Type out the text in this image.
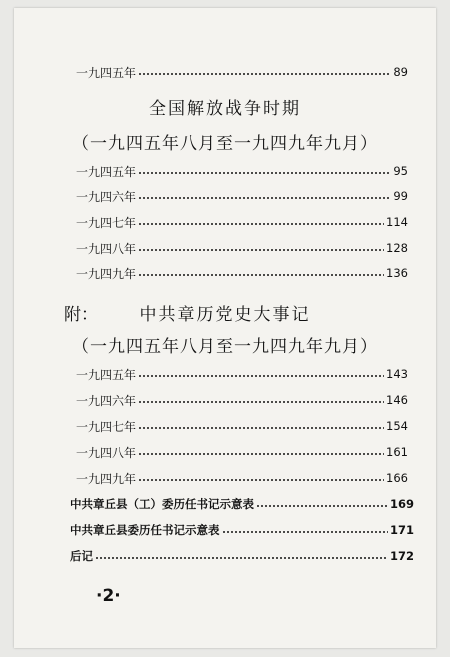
一九四五年	89
全国解放战争时期
（一九四五年八月至一九四九年九月）
一九四五年	95
一九四六年	99
一九四七年	114
一九四八年	128
一九四九年	136
附：	中共章历党史大事记
（一九四五年八月至一九四九年九月）
一九四五年	143
一九四六年	146
一九四七年	154
一九四八年	161
一九四九年	166
中共章丘县（工）委历任书记示意表	169
中共章丘县委历任书记示意表	171
后记	172
·2·
